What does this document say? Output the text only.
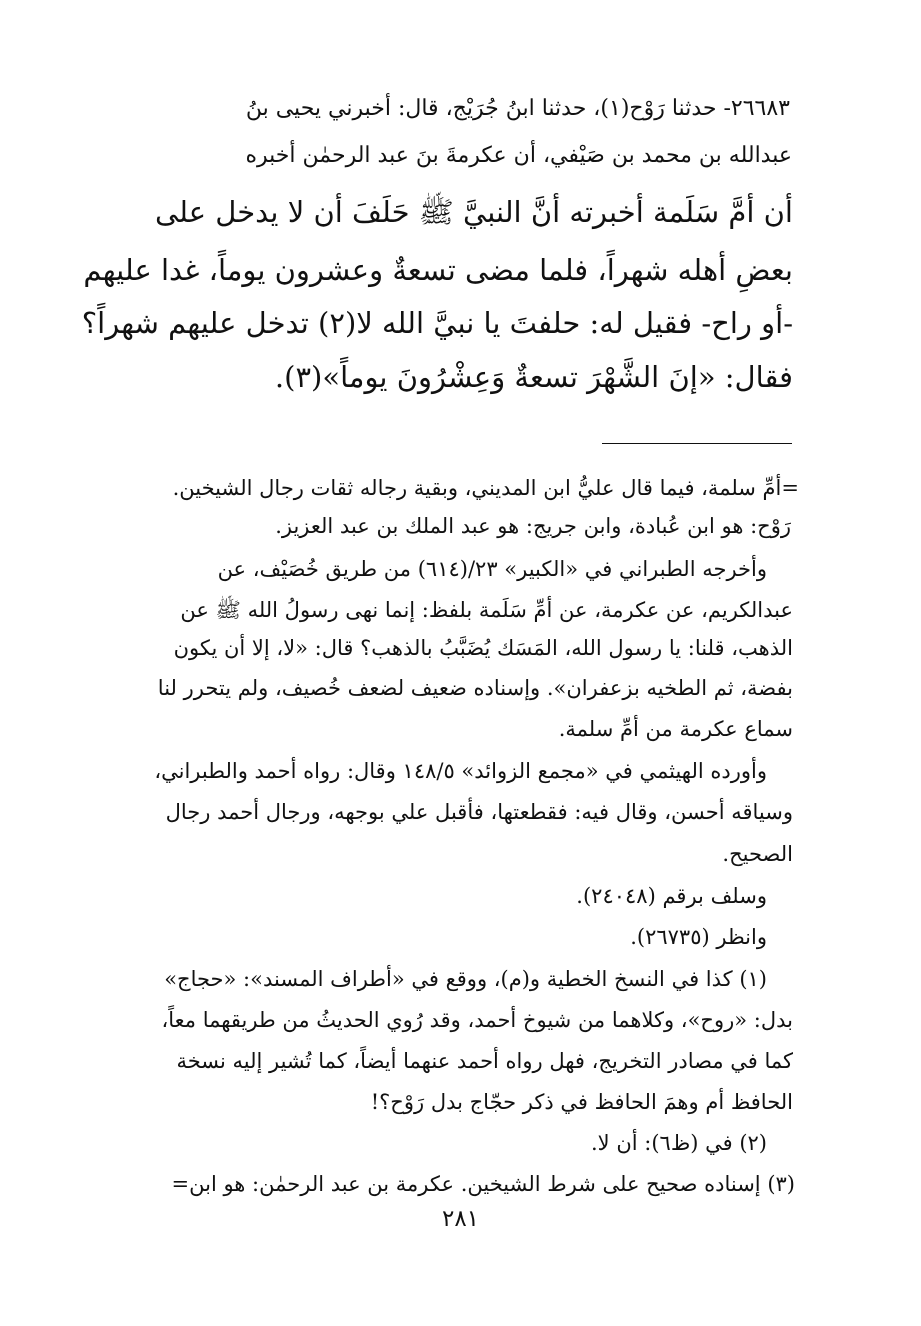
٢٦٦٨٣- حدثنا رَوْح(١)، حدثنا ابنُ جُرَيْج، قال: أخبرني يحيى بنُ
عبدالله بن محمد بن صَيْفي، أن عكرمةَ بنَ عبد الرحمٰن أخبره
أن أمَّ سَلَمة أخبرته أنَّ النبيَّ ﷺ حَلَفَ أن لا يدخل على
بعضِ أهله شهراً، فلما مضى تسعةٌ وعشرون يوماً، غدا عليهم
-أو راح- فقيل له: حلفتَ يا نبيَّ الله لا(٢) تدخل عليهم شهراً؟
فقال: «إنَ الشَّهْرَ تسعةٌ وَعِشْرُونَ يوماً»(٣).
=أمِّ سلمة، فيما قال عليُّ ابن المديني، وبقية رجاله ثقات رجال الشيخين.
رَوْح: هو ابن عُبادة، وابن جريج: هو عبد الملك بن عبد العزيز.
وأخرجه الطبراني في «الكبير» ٢٣/(٦١٤) من طريق خُصَيْف، عن
عبدالكريم، عن عكرمة، عن أمِّ سَلَمة بلفظ: إنما نهى رسولُ الله ﷺ عن
الذهب، قلنا: يا رسول الله، المَسَك يُضَبَّبُ بالذهب؟ قال: «لا، إلا أن يكون
بفضة، ثم الطخيه بزعفران». وإسناده ضعيف لضعف خُصيف، ولم يتحرر لنا
سماع عكرمة من أمِّ سلمة.
وأورده الهيثمي في «مجمع الزوائد» ١٤٨/٥ وقال: رواه أحمد والطبراني،
وسياقه أحسن، وقال فيه: فقطعتها، فأقبل علي بوجهه، ورجال أحمد رجال
الصحيح.
وسلف برقم (٢٤٠٤٨).
وانظر (٢٦٧٣٥).
(١) كذا في النسخ الخطية و(م)، ووقع في «أطراف المسند»: «حجاج»
بدل: «روح»، وكلاهما من شيوخ أحمد، وقد رُوي الحديثُ من طريقهما معاً،
كما في مصادر التخريج، فهل رواه أحمد عنهما أيضاً، كما تُشير إليه نسخة
الحافظ أم وهمَ الحافظ في ذكر حجّاج بدل رَوْح؟!
(٢) في (ظ٦): أن لا.
(٣) إسناده صحيح على شرط الشيخين. عكرمة بن عبد الرحمٰن: هو ابن=
٢٨١
